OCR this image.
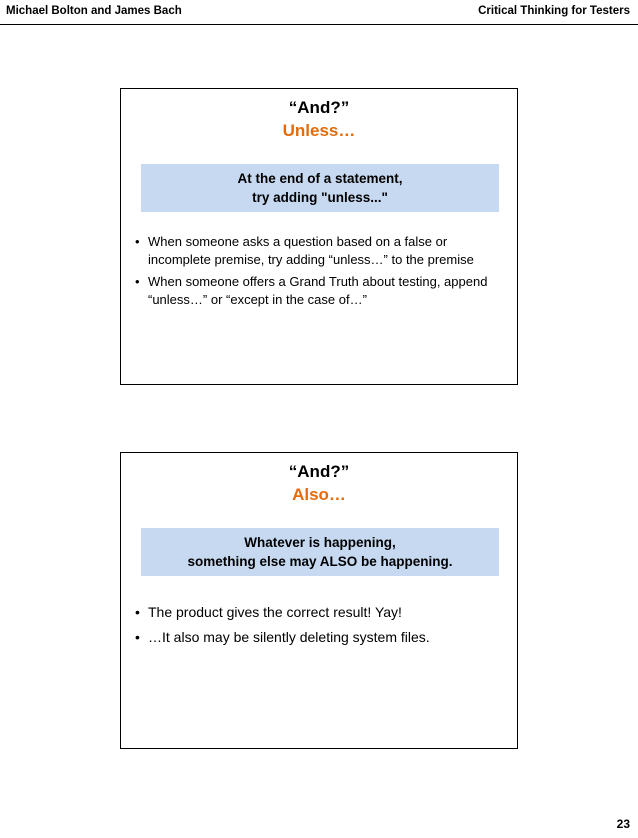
Michael Bolton and James Bach	Critical Thinking for Testers
“And?”
Unless…
At the end of a statement,
try adding "unless..."
• When someone asks a question based on a false or incomplete premise, try adding “unless…” to the premise
• When someone offers a Grand Truth about testing, append “unless…” or “except in the case of…”
“And?”
Also…
Whatever is happening,
something else may ALSO be happening.
• The product gives the correct result! Yay!
• …It also may be silently deleting system files.
23
